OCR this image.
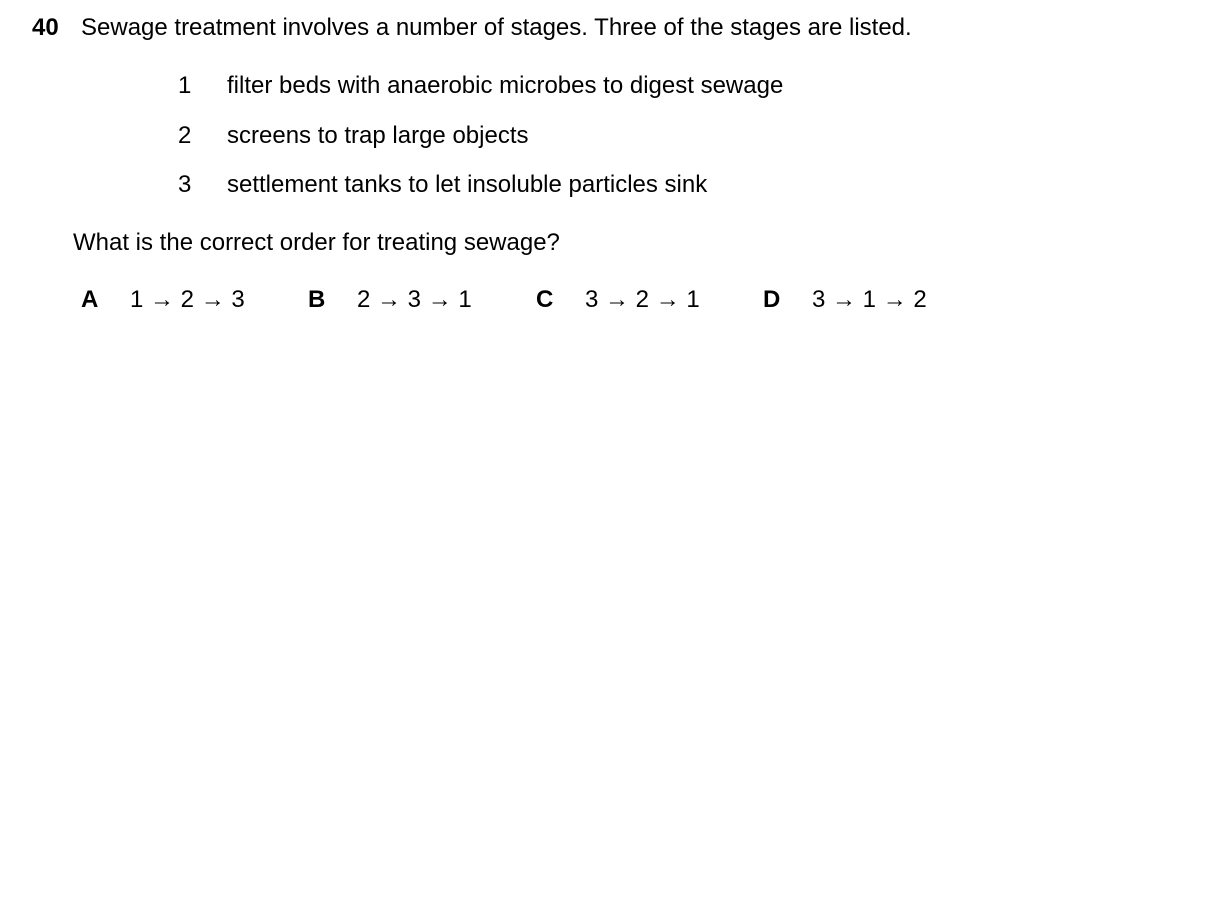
40 Sewage treatment involves a number of stages. Three of the stages are listed.
1 filter beds with anaerobic microbes to digest sewage
2 screens to trap large objects
3 settlement tanks to let insoluble particles sink
What is the correct order for treating sewage?
A 1 → 2 → 3	B 2 → 3 → 1	C 3 → 2 → 1	D 3 → 1 → 2
